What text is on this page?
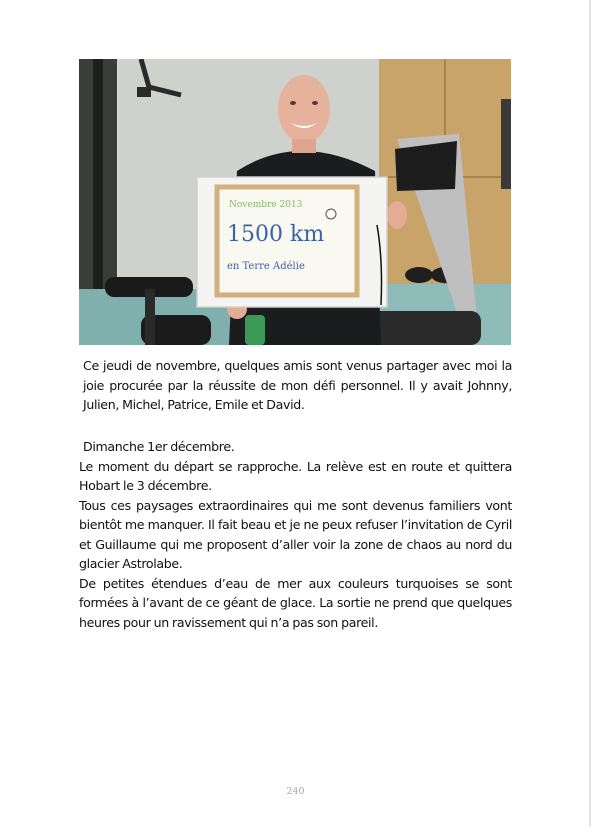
Novembre 2013
1500 km
en Terre Adélie

Ce jeudi de novembre, quelques amis sont venus partager avec moi la joie procurée par la réussite de mon défi personnel. Il y avait Johnny, Julien, Michel, Patrice, Emile et David.

Dimanche 1er décembre.

Le moment du départ se rapproche. La relève est en route et quittera Hobart le 3 décembre.

Tous ces paysages extraordinaires qui me sont devenus familiers vont bientôt me manquer. Il fait beau et je ne peux refuser l’invitation de Cyril et Guillaume qui me proposent d’aller voir la zone de chaos au nord du glacier Astrolabe.

De petites étendues d’eau de mer aux couleurs turquoises se sont formées à l’avant de ce géant de glace. La sortie ne prend que quelques heures pour un ravissement qui n’a pas son pareil.

240
